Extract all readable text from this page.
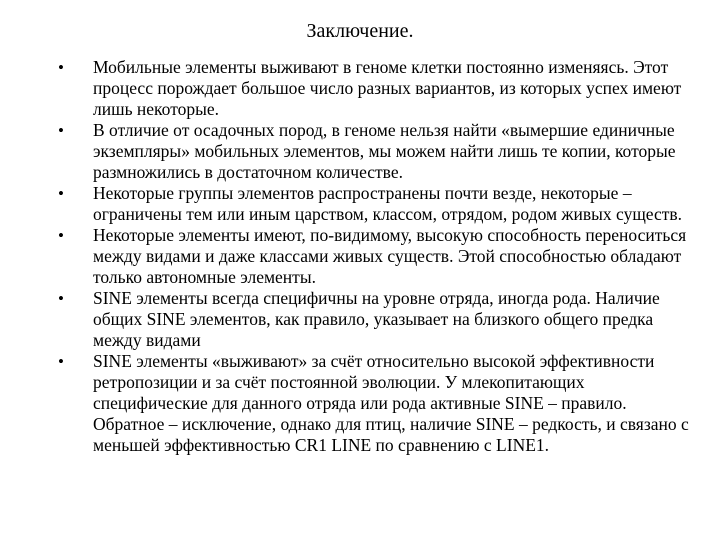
Заключение.
•	Мобильные элементы выживают в геноме клетки постоянно изменяясь. Этот процесс порождает большое число разных вариантов, из которых успех имеют лишь некоторые.
•	В отличие от осадочных пород, в геноме нельзя найти «вымершие единичные экземпляры» мобильных элементов, мы можем найти лишь те копии, которые размножились в достаточном количестве.
•	Некоторые группы элементов распространены почти везде, некоторые – ограничены тем или иным царством, классом, отрядом, родом живых существ.
•	Некоторые элементы имеют, по-видимому, высокую способность переноситься между видами и даже классами живых существ. Этой способностью обладают только автономные элементы.
•	SINE элементы всегда специфичны на уровне отряда, иногда рода. Наличие общих SINE элементов, как правило, указывает на близкого общего предка между видами
•	SINE элементы «выживают» за счёт относительно высокой эффективности ретропозиции и за счёт постоянной эволюции. У млекопитающих специфические для данного отряда или рода активные SINE – правило. Обратное – исключение, однако для птиц, наличие SINE – редкость, и связано с меньшей эффективностью CR1 LINE по сравнению с LINE1.
